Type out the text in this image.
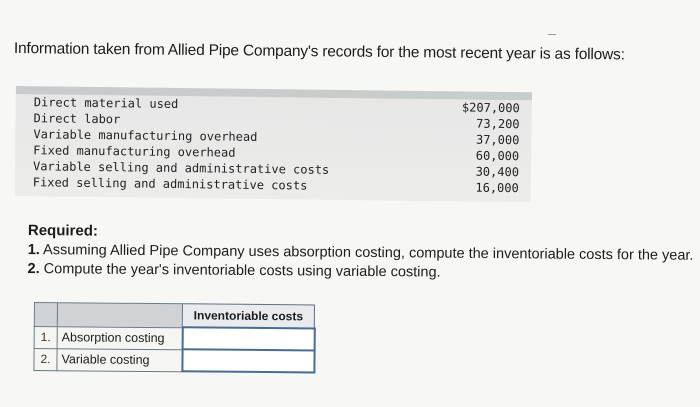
Information taken from Allied Pipe Company's records for the most recent year is as follows:
Direct material used	$207,000
Direct labor	73,200
Variable manufacturing overhead	37,000
Fixed manufacturing overhead	60,000
Variable selling and administrative costs	30,400
Fixed selling and administrative costs	16,000

Required:

1. Assuming Allied Pipe Company uses absorption costing, compute the inventoriable costs for the year.

2. Compute the year's inventoriable costs using variable costing.

		Inventoriable costs
1.	Absorption costing	
2.	Variable costing	
